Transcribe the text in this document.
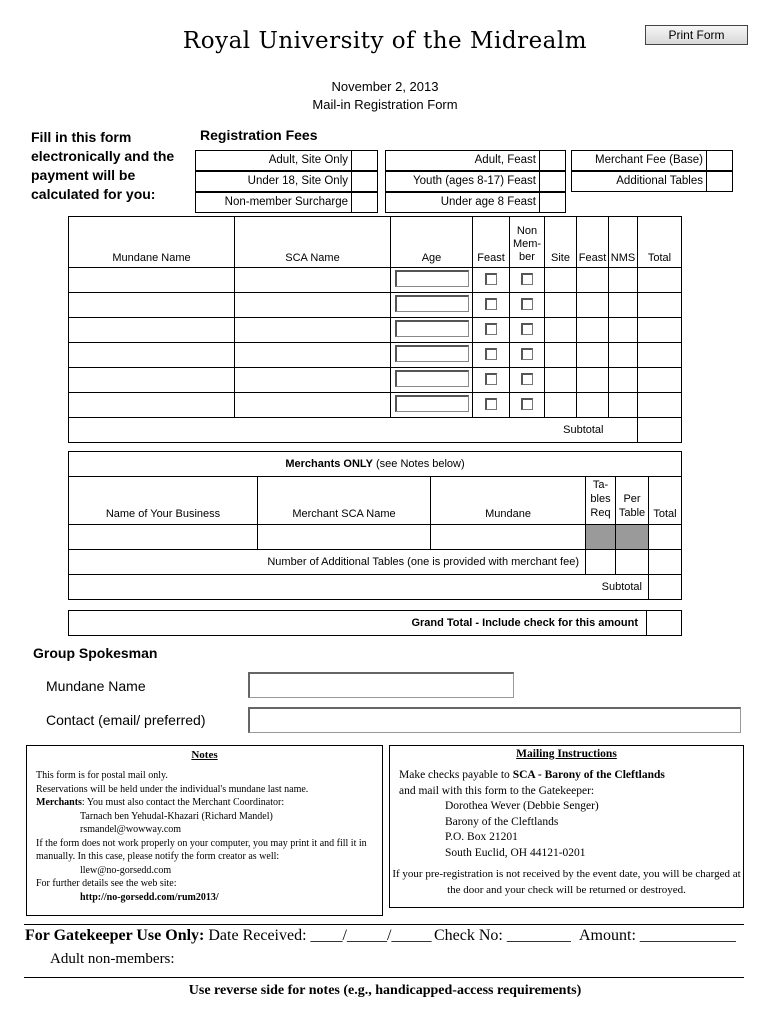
Royal University of the Midrealm	Print Form
November 2, 2013
Mail-in Registration Form
Fill in this form electronically and the payment will be calculated for you:
Registration Fees
Adult, Site Only
Under 18, Site Only
Non-member Surcharge
Adult, Feast
Youth (ages 8-17) Feast
Under age 8 Feast
Merchant Fee (Base)
Additional Tables
Mundane Name	SCA Name	Age	Feast	Non Mem-ber	Site	Feast	NMS	Total

Subtotal								
Merchants ONLY (see Notes below)					
Name of Your Business	Merchant SCA Name	Mundane	Ta-bles Req	Per Table	Total

Number of Additional Tables (one is provided with merchant fee)					
Subtotal					
Grand Total - Include check for this amount	
Group Spokesman
Mundane Name
Contact (email/ preferred)
Notes
This form is for postal mail only.
Reservations will be held under the individual's mundane last name.
Merchants: You must also contact the Merchant Coordinator:
Tarnach ben Yehudal-Khazari (Richard Mandel)
rsmandel@wowway.com
If the form does not work properly on your computer, you may print it and fill it in manually. In this case, please notify the form creator as well:
llew@no-gorsedd.com
For further details see the web site:
http://no-gorsedd.com/rum2013/
Mailing Instructions
Make checks payable to SCA - Barony of the Cleftlands
and mail with this form to the Gatekeeper:
Dorothea Wever (Debbie Senger)
Barony of the Cleftlands
P.O. Box 21201
South Euclid, OH 44121-0201
If your pre-registration is not received by the event date, you will be charged at the door and your check will be returned or destroyed.
For Gatekeeper Use Only: Date Received: ____/_____/_____ Check No: ________ Amount: ____________
Adult non-members:
Use reverse side for notes (e.g., handicapped-access requirements)
